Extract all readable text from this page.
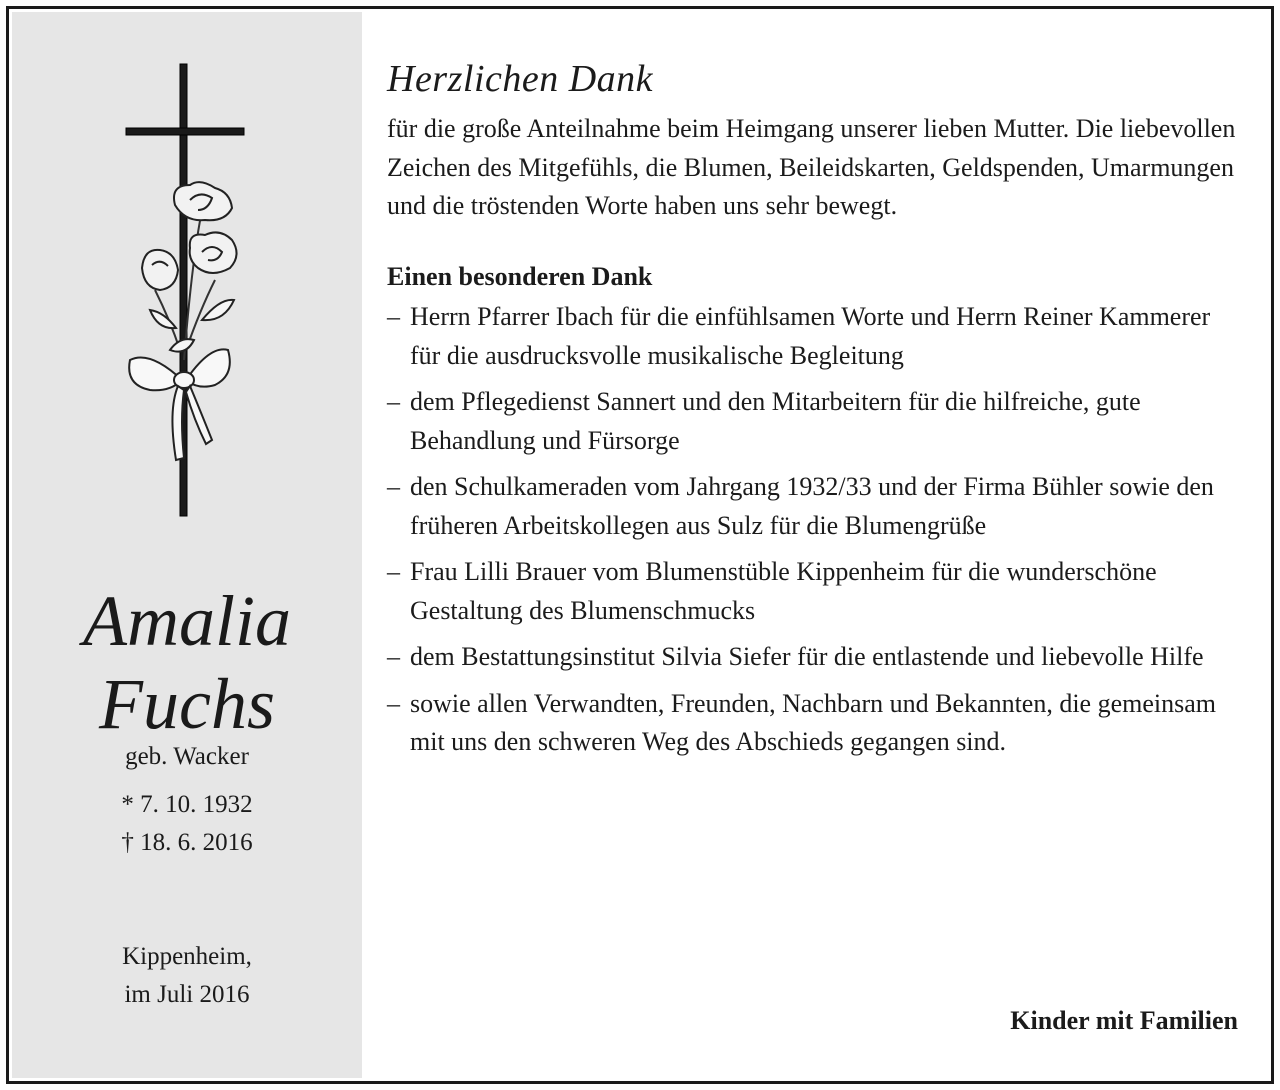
Amalia
Fuchs
geb. Wacker
* 7. 10. 1932
† 18. 6. 2016
Kippenheim,
im Juli 2016
Herzlichen Dank

für die große Anteilnahme beim Heimgang unserer lieben Mutter. Die liebevollen Zeichen des Mitgefühls, die Blumen, Beileidskarten, Geldspenden, Umarmungen und die tröstenden Worte haben uns sehr bewegt.

Einen besonderen Dank
– Herrn Pfarrer Ibach für die einfühlsamen Worte und Herrn Reiner Kammerer für die ausdrucksvolle musikalische Begleitung
– dem Pflegedienst Sannert und den Mitarbeitern für die hilfreiche, gute Behandlung und Fürsorge
– den Schulkameraden vom Jahrgang 1932/33 und der Firma Bühler sowie den früheren Arbeitskollegen aus Sulz für die Blumengrüße
– Frau Lilli Brauer vom Blumenstüble Kippenheim für die wunderschöne Gestaltung des Blumenschmucks
– dem Bestattungsinstitut Silvia Siefer für die entlastende und liebevolle Hilfe
– sowie allen Verwandten, Freunden, Nachbarn und Bekannten, die gemeinsam mit uns den schweren Weg des Abschieds gegangen sind.
Kinder mit Familien
